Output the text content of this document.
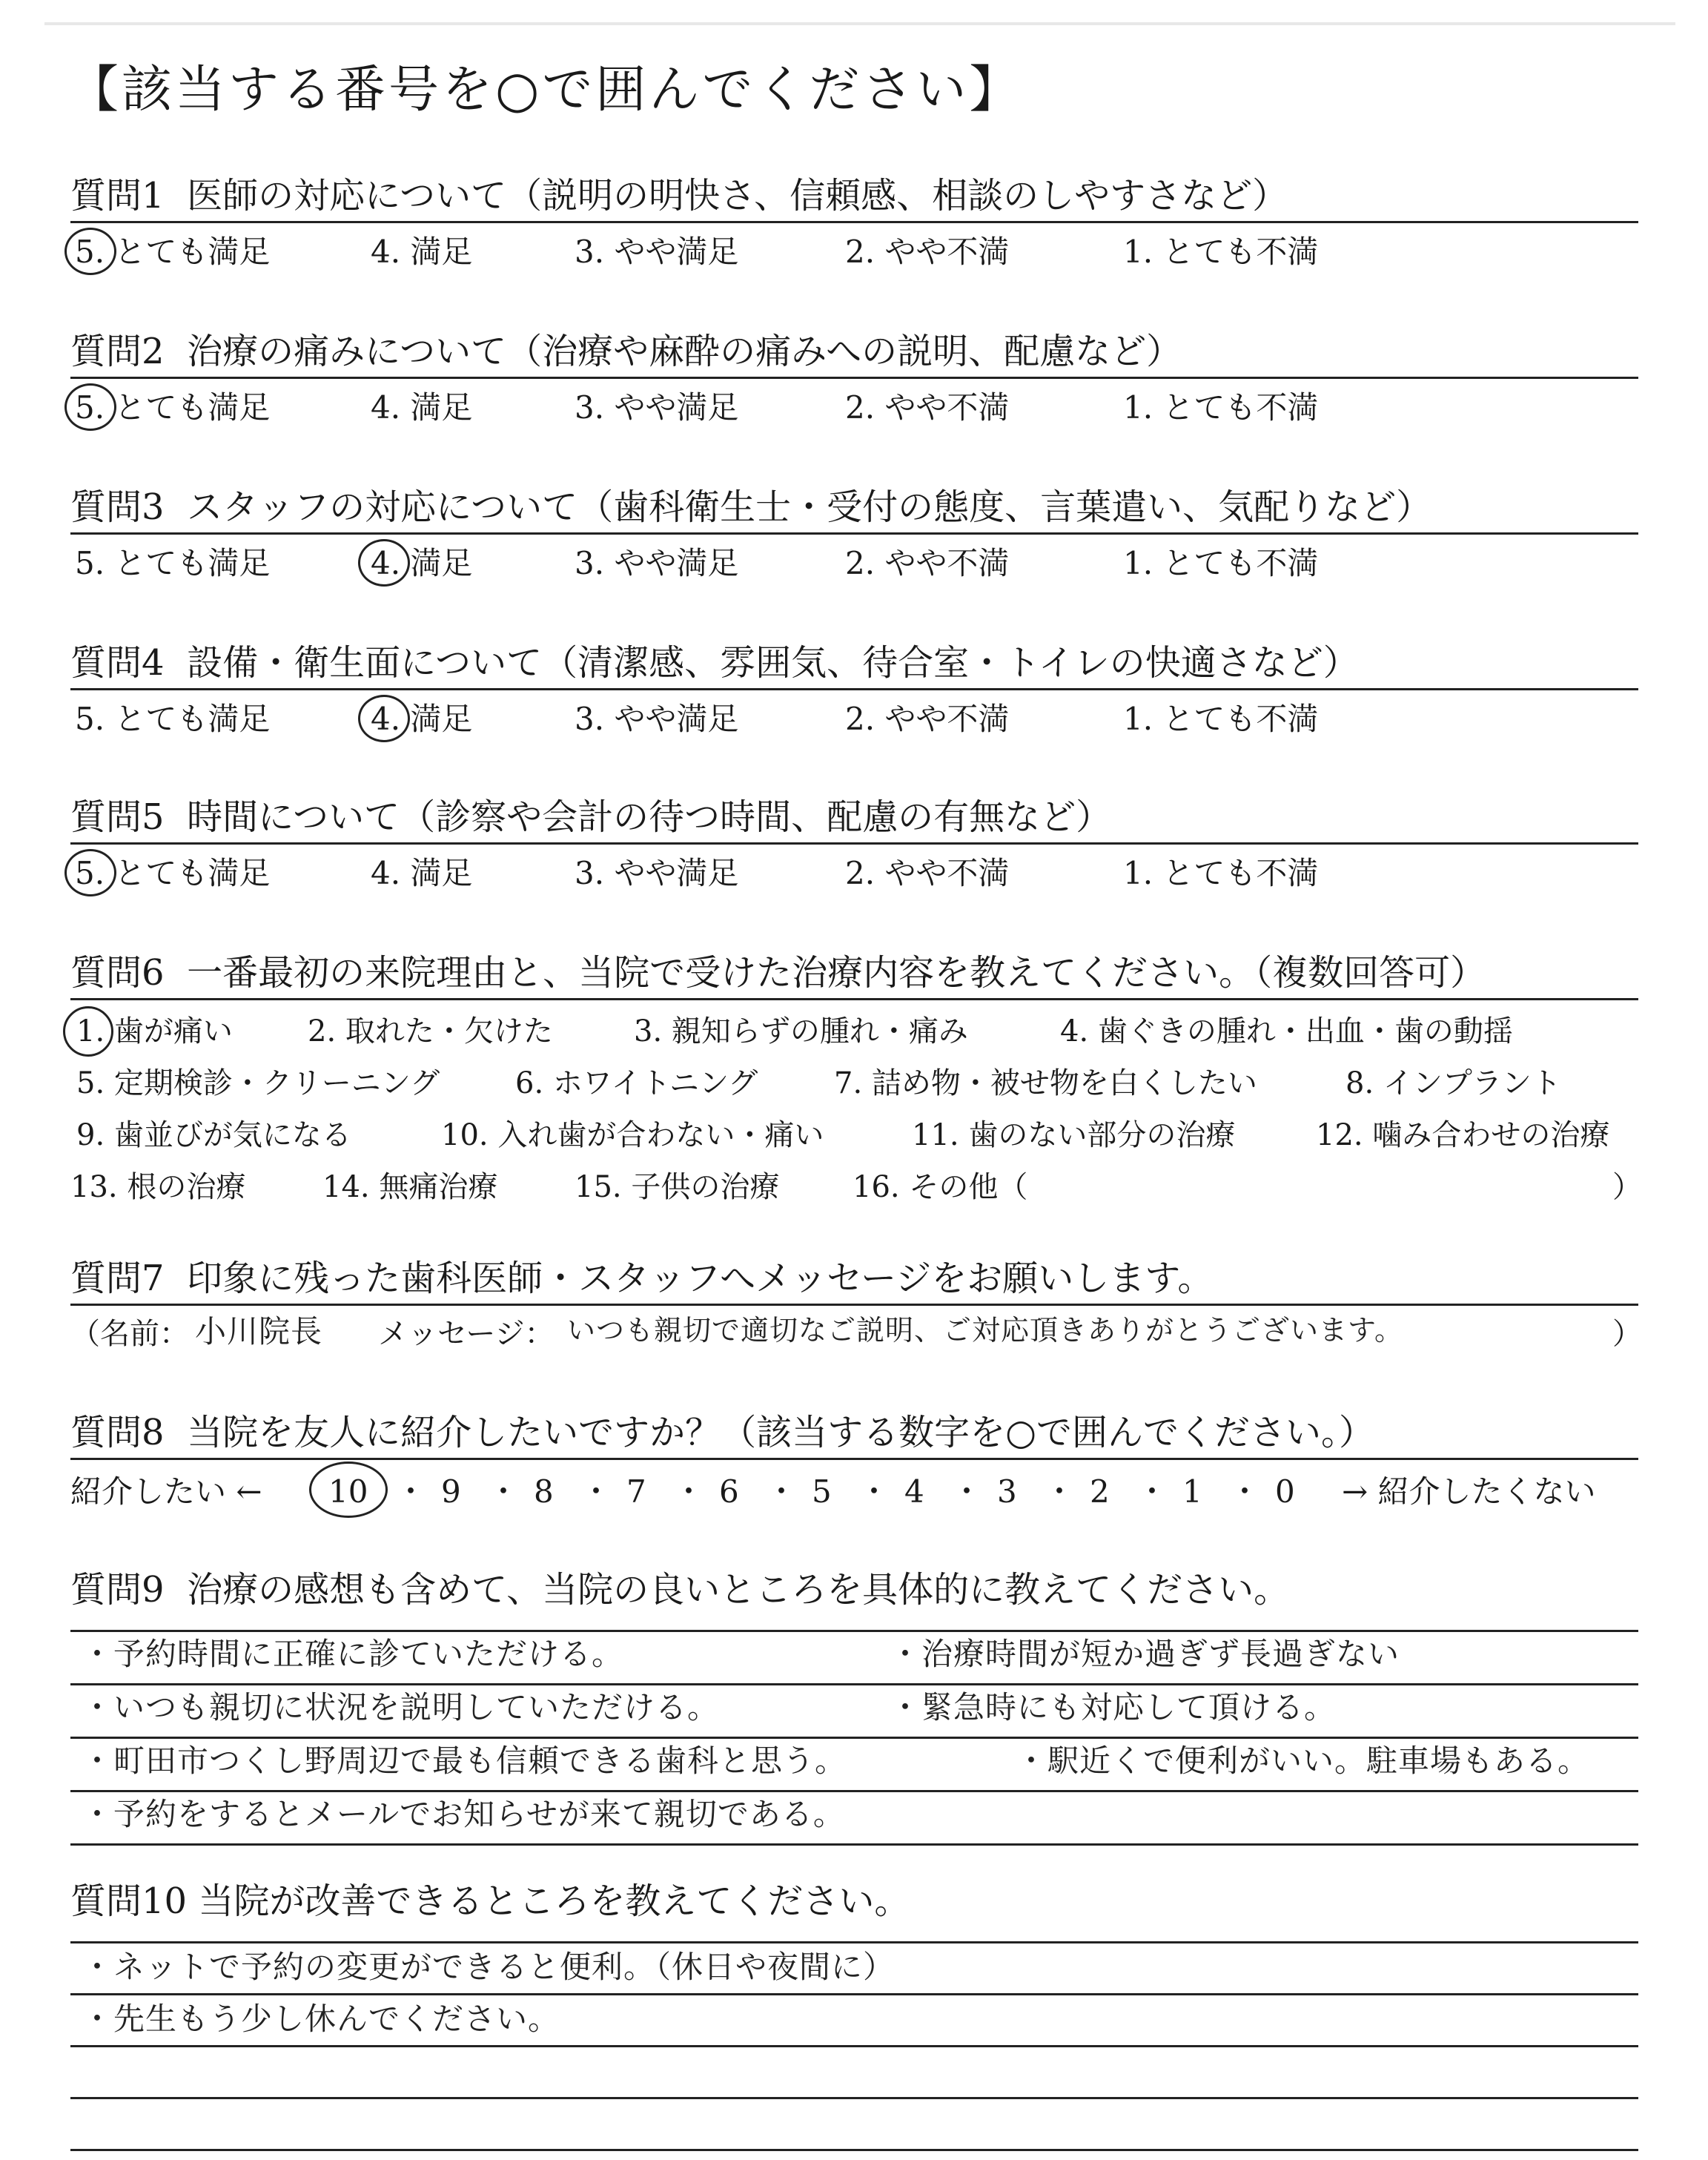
【該当する番号を○で囲んでください】
質問1 医師の対応について（説明の明快さ、信頼感、相談のしやすさなど）
5. とても満足	4. 満足	3. やや満足	2. やや不満	1. とても不満
質問2 治療の痛みについて（治療や麻酔の痛みへの説明、配慮など）
5. とても満足	4. 満足	3. やや満足	2. やや不満	1. とても不満
質問3 スタッフの対応について（歯科衛生士・受付の態度、言葉遣い、気配りなど）
5. とても満足	4. 満足	3. やや満足	2. やや不満	1. とても不満
質問4 設備・衛生面について（清潔感、雰囲気、待合室・トイレの快適さなど）
5. とても満足	4. 満足	3. やや満足	2. やや不満	1. とても不満
質問5 時間について（診察や会計の待つ時間、配慮の有無など）
5. とても満足	4. 満足	3. やや満足	2. やや不満	1. とても不満
質問6 一番最初の来院理由と、当院で受けた治療内容を教えてください。（複数回答可）
1. 歯が痛い	2. 取れた・欠けた	3. 親知らずの腫れ・痛み	4. 歯ぐきの腫れ・出血・歯の動揺
5. 定期検診・クリーニング	6. ホワイトニング	7. 詰め物・被せ物を白くしたい	8. インプラント
9. 歯並びが気になる	10. 入れ歯が合わない・痛い	11. 歯のない部分の治療	12. 噛み合わせの治療
13. 根の治療	14. 無痛治療	15. 子供の治療 16. その他（	）
質問7 印象に残った歯科医師・スタッフへメッセージをお願いします。
（名前： 小川院長 メッセージ： いつも親切で適切なご説明、ご対応頂きありがとうございます。	）
質問8 当院を友人に紹介したいですか？（該当する数字を○で囲んでください。）
紹介したい ← 10 ・ 9 ・ 8 ・ 7 ・ 6 ・ 5 ・ 4 ・ 3 ・ 2 ・ 1 ・ 0 → 紹介したくない
質問9 治療の感想も含めて、当院の良いところを具体的に教えてください。
・予約時間に正確に診ていただける。	・治療時間が短か過ぎず長過ぎない
・いつも親切に状況を説明していただける。	・緊急時にも対応して頂ける。
・町田市つくし野周辺で最も信頼できる歯科と思う。	・駅近くで便利がいい。駐車場もある。
・予約をするとメールでお知らせが来て親切である。
質問10 当院が改善できるところを教えてください。
・ネットで予約の変更ができると便利。（休日や夜間に）
・先生もう少し休んでください。
